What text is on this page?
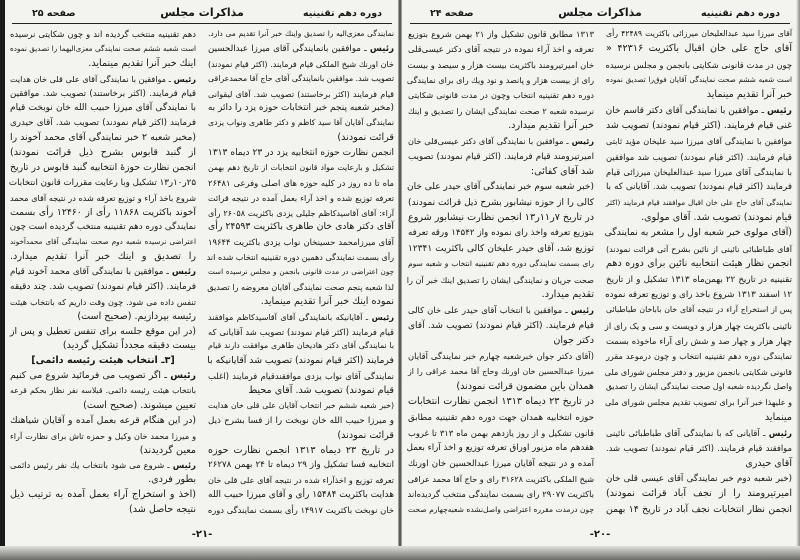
دوره دهم تقنینیه
مذاکرات مجلس
صفحه ۲۵
نمایندگی معزی‌الیه را تصدیق واینك خبر آنرا تقدیم می دارد.
رئیس ـ موافقین بانمایندگی آقای میرزا عبدالحسین
خان اورنك شیخ الملکی قیام فرمایند. (اکثر قیام نمودند)
تصویب شد. موافقین بانمایندگی آقای حاج آقا محمدعراقی
قیام فرمایند (اکثر برخاستند) تصویب شد. آقای لیقوانی
(مخبر شعبه پنجم خبر انتخابات حوزه یزد را دائر به
نمایندگی آقایان آقا سید کاظم و دکتر طاهری ونواب یزدی
قرائت نمودند)
انجمن نظارت حوزه انتخابیه یزد در ۲۳ دیماه ۱۳۱۳
تشکیل و بارعایت مواد قانون انتخابات از تاریخ دهم بهمن
ماه تا ده روز در کلیه حوزه های اصلی وفرعی ۲۶۴۸۱
تعرفه توزیع شده و اخذ آراء بعمل آمده در نتیجه قرائت
آراء: آقای آقاسیدکاظم جلیلی یزدی باکثریت ۲۶۰۵۸ رأی
آقای دکتر هادی خان طاهری باکثریت ۲۴۵۹۳ رأی
آقای میرزامحمد حسینخان نواب یزدی باکثریت ۱۹۶۴۴
رأی بسمت نمایندگی دهمین دوره تقنینیه انتخاب شده اند
چون اعتراضی در مدت قانونی بانجمن و مجلس نرسیده است
لذا شعبه پنجم صحت نمایندگی آقایان معروضه را تصدیق
نموده اینك خبر آنرا تقدیم مینماید.
رئیس ـ آقایانیکه بانمایندگی آقای آقاسیدکاظم موافقند
قیام فرمایند (اکثر قیام نمودند) تصویب شد آقایانی که
با نمایندگی آقای دکتر هادیخان طاهری موافقت دارند قیام
فرمایند (اکثر قیام نمودند) تصویب شد آقایانیکه با
نمایندگی آقای نواب یزدی موافقندقیام فرمایند (اغلب
قیام نمودند) تصویب شد. آقای محیط
(خبر شعبه ششم خبر انتخاب آقایان علی قلی خان هدایت
و میرزا حبیب الله خان نوبخت را از فسا بشرح ذیل
قرائت نمودند)
در تاریخ ۲۳ دیماه ۱۳۱۳ انجمن نظارت حوزه
انتخابیه فسا تشکیل واز ۲۹ دیماه تا ۲۴ بهمن ۲۶۲۷۸
تعرفه توزیع و اخذآراء شده در نتیجه آقای علی قلی خان
هدایت باکثریت ۱۵۴۸۴ رأی و آقای میرزا حبیب الله
خان نوبخت باکثریت ۱۴۹۱۷ رأی بسمت نمایندگی دوره
دهم تقنینیه منتخب گردیده اند و چون شکایتی نرسیده
است شعبه ششم صحت نمایندگی معزی‌الیهما را تصدیق نموده
اینك خبر آنرا تقدیم مینماید.
رئیس ـ موافقین با نمایندگی آقای علی قلی خان هدایت
قیام فرمایند. (اکثر برخاستند) تصویب شد. موافقین
با نمایندگی آقای میرزا حبیب الله خان نوبخت قیام
فرمایند (اکثر قیام نمودند) تصویب شد. آقای حیدری
(مخبر شعبه ۲ خبر نمایندگی آقای محمد آخوند را
از گنبد قابوس بشرح ذیل قرائت نمودند)
انجمن نظارت حوزهٔ انتخابیه گنبد قابوس در تاریخ
۲۵ر۱۰ر۱۳ تشکیل وبا رعایت مقررات قانون انتخابات
شروع باخذ آراء و توزیع تعرفه شده در نتیجه آقای محمد
آخوند باکثریت ۱۱۸۶۸ رأی از ۱۲۴۶۰ رأی بسمت
نمایندگی دوره دهم تقنینیه منتخب گردیده است چون
اعتراضی نرسیده شعبه دوم صحت نمایندگی آقای محمدآخوند
را تصدیق و اینك خبر آنرا تقدیم میدارد.
رئیس ـ موافقین با نمایندگی آقای محمد آخوند قیام
فرمایند. (اکثر قیام نمودند) تصویب شد. چند دقیقه
تنفس داده می شود. چون وقت داریم که بانتخاب هیئت
رئیسه بپردازیم. (صحیح است)
(در این موقع جلسه برای تنفس تعطیل و پس از
بیست دقیقه مجدداً تشکیل گردید)
[۳ـ انتخاب هیئت رئیسه دائمی]
رئیس ـ اگر تصویب می فرمائید شروع می کنیم
بانتخاب هیئت رئیسه دائمی. قبلاسه نفر نظار بحکم قرعه
تعیین میشوند. (صحیح است)
(در این هنگام قرعه بعمل آمده و آقایان شیاهنك
و میرزا محمد خان وکیل و حمزه تاش برای نظارت آراء
معین گردیدند)
رئیس ـ شروع می شود بانتخاب یك نفر رئیس دائمی
بطور فردی.
(اخذ و استخراج آراء بعمل آمده به ترتیب ذیل
نتیجه حاصل شد)
-۲۱-
دوره دهم تقنینیه
مذاکرات مجلس
صفحه ۲۴
آقای میرزا سید عبدالعلیخان میرزائی باکثریت ۴۲۴۸۹ رأی
آقای حاج علی خان اقبال باکثریت ۴۲۳۱۶ «
چون در مدت قانونی شکایتی بانجمن و مجلس نرسیده
است شعبه ششم صحت نمایندگی آقایان فوق‌را تصدیق نموده
خبر آنرا تقدیم مینماید
رئیس ـ موافقین با نمایندگی آقای دکتر قاسم خان
غنی قیام فرمایند. (اکثر قیام نمودند) تصویب شد
موافقین با نمایندگی آقای میرزا سید علیخان مؤید ثابتی
قیام فرمایند. (اکثر قیام نمودند) تصویب شد موافقین
با نمایندگی آقای میرزا سید عبدالعلیخان میرزائی قیام
فرمایند (اکثر قیام نمودند) تصویب شد. آقایانی که با
نمایندگی آقای حاج علی خان اقبال موافقند قیام فرمایند (اکثر
قیام نمودند) تصویب شد. آقای مولوی.
(آقای مولوی خبر شعبه اول را مشعر به نمایندگی
آقای طباطبائی نائینی از نائین بشرح آتی قرائت نمودند)
انجمن نظار هیئت انتخابیه نائین برای دوره دهم
تقنینیه در تاریخ ۲۲ بهمن‌ماه ۱۳۱۳ تشکیل و از تاریخ
۱۲ اسفند ۱۳۱۳ شروع باخذ رای و توزیع تعرفه نموده
پس از استخراج آراء در نتیجه آقای خان باباخان طباطبائی
نائینی باکثریت چهار هزار و دویست و سی و یک رای از
چهار هزار و چهار صد و شش رای آراء ماخوذه بسمت
نمایندگی دوره دهم تقنینیه انتخاب و چون درموعد مقرر
قانونی شکایتی بانجمن مزبور و دفتر مجلس شورای ملی
واصل نگردیده شعبه اول صحت نمایندگی ایشان را تصدیق
و علیهذا خبر آنرا برای تصویب تقدیم مجلس شورای ملی
مینماید
رئیس ـ آقایانی که با نمایندگی آقای طباطبائی نائینی
موافقند قیام فرمایند. (اکثر قیام نمودند) تصویب شد.
آقای حیدری
(خبر شعبه دوم خبر نمایندگی آقای عیسی قلی خان
امیرتیرومند را از نجف آباد قرائت نمودند)
انجمن نظار انتخابات نجف آباد در تاریخ ۱۴ بهمن
۱۳۱۳ مطابق قانون تشکیل واز ۲۱ بهمن شروع بتوزیع
تعرفه و اخذ آراء نموده در نتیجه آقای دکتر عیسی‌قلی
خان امیرتیرومند باکثریت بیست هزار و سیصد و بیست
رای از بیست هزار و پانصد و نود ویك رای برای نمایندگی
دوره دهم تقنینیه انتخاب وچون در مدت قانونی شکایتی
نرسیده شعبه ۲ صحت نمایندگی ایشان را تصدیق و اینك
خبر آنرا تقدیم میدارد.
رئیس ـ موافقین با نمایندگی آقای دکتر عیسی‌قلی خان
امیرتیرومند قیام فرمایند. (اکثر قیام نمودند) تصویب
شد آقای کفائی:
(خبر شعبه سوم خبر نمایندگی آقای حیدر علی خان
کالی را از حوزه نیشابور بشرح ذیل قرائت نمودند)
در تاریخ ۷ر۱۱ر۱۳ انجمن نظارت نیشابور شروع
بتوزیع تعرفه واخذ رای نموده واز ۱۴۵۴۲ ورقه تعرفه
توزیع شد، آقای حیدر علیخان کالی باکثریت ۱۲۳۴۱
رای بسمت نمایندگی دوره دهم تقنینیه انتخاب و شعبه سوم
صحت جریان و نمایندگی ایشان را تصدیق اینك خبر آن را
تقدیم میدارد.
رئیس ـ موافقین با انتخاب آقای حیدر علی خان کالی
قیام فرمایند. (اکثر قیام نمودند) تصویب شد. آقای
دکتر جوان
(آقای دکتر جوان خبرشعبه چهارم خبر نمایندگی آقایان
میرزا عبدالحسین خان اورنك وحاج آقا محمد عراقی را از
همدان باین مضمون قرائت نمودند)
در تاریخ ۲۳ دیماه ۱۳۱۳ انجمن نظارت انتخابات
حوزه انتخابیه همدان جهت دوره دهم تقنینیه مطابق
قانون تشکیل و از روز یازدهم بهمن ماه ۳۱۳ تا غروب
هفدهم ماه مزبور اوراق تعرفه توزیع و اخذ آراء بعمل
آمده و در نتیجه آقایان میرزا عبدالحسین خان اورنك
شیخ الملکی باکثریت ۳۱۶۲۸ رای و حاج آقا محمد عراقی
باکثریت ۲۹۰۷۷ رای بسمت نمایندگی منتخب گردیده‌اند
چون درمدت مقرره اعتراضی واصل‌نشده شعبه‌چهارم صحت
-۲۰-
